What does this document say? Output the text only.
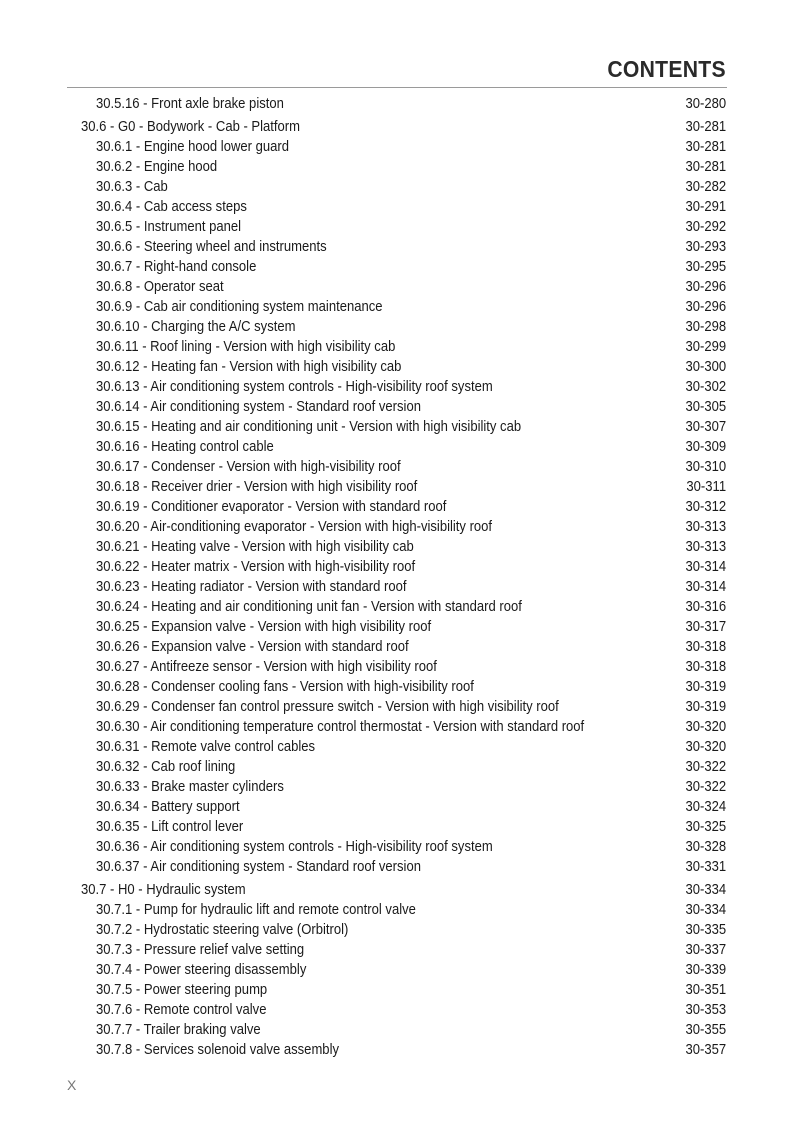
CONTENTS
30.5.16 - Front axle brake piston	30-280
30.6 - G0 - Bodywork - Cab - Platform	30-281
30.6.1 - Engine hood lower guard	30-281
30.6.2 - Engine hood	30-281
30.6.3 - Cab	30-282
30.6.4 - Cab access steps	30-291
30.6.5 - Instrument panel	30-292
30.6.6 - Steering wheel and instruments	30-293
30.6.7 - Right-hand console	30-295
30.6.8 - Operator seat	30-296
30.6.9 - Cab air conditioning system maintenance	30-296
30.6.10 - Charging the A/C system	30-298
30.6.11 - Roof lining - Version with high visibility cab	30-299
30.6.12 - Heating fan - Version with high visibility cab	30-300
30.6.13 - Air conditioning system controls - High-visibility roof system	30-302
30.6.14 - Air conditioning system - Standard roof version	30-305
30.6.15 - Heating and air conditioning unit - Version with high visibility cab	30-307
30.6.16 - Heating control cable	30-309
30.6.17 - Condenser - Version with high-visibility roof	30-310
30.6.18 - Receiver drier - Version with high visibility roof	30-311
30.6.19 - Conditioner evaporator - Version with standard roof	30-312
30.6.20 - Air-conditioning evaporator - Version with high-visibility roof	30-313
30.6.21 - Heating valve - Version with high visibility cab	30-313
30.6.22 - Heater matrix - Version with high-visibility roof	30-314
30.6.23 - Heating radiator - Version with standard roof	30-314
30.6.24 - Heating and air conditioning unit fan - Version with standard roof	30-316
30.6.25 - Expansion valve - Version with high visibility roof	30-317
30.6.26 - Expansion valve - Version with standard roof	30-318
30.6.27 - Antifreeze sensor - Version with high visibility roof	30-318
30.6.28 - Condenser cooling fans - Version with high-visibility roof	30-319
30.6.29 - Condenser fan control pressure switch - Version with high visibility roof	30-319
30.6.30 - Air conditioning temperature control thermostat - Version with standard roof	30-320
30.6.31 - Remote valve control cables	30-320
30.6.32 - Cab roof lining	30-322
30.6.33 - Brake master cylinders	30-322
30.6.34 - Battery support	30-324
30.6.35 - Lift control lever	30-325
30.6.36 - Air conditioning system controls - High-visibility roof system	30-328
30.6.37 - Air conditioning system - Standard roof version	30-331
30.7 - H0 - Hydraulic system	30-334
30.7.1 - Pump for hydraulic lift and remote control valve	30-334
30.7.2 - Hydrostatic steering valve (Orbitrol)	30-335
30.7.3 - Pressure relief valve setting	30-337
30.7.4 - Power steering disassembly	30-339
30.7.5 - Power steering pump	30-351
30.7.6 - Remote control valve	30-353
30.7.7 - Trailer braking valve	30-355
30.7.8 - Services solenoid valve assembly	30-357
X
